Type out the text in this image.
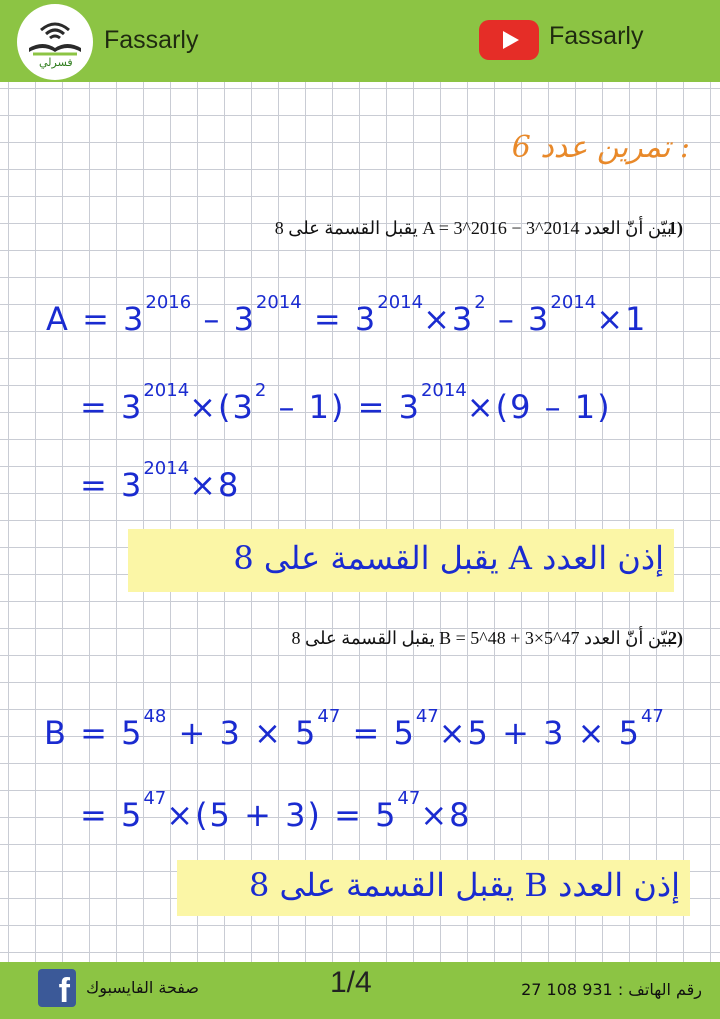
فسرلي
Fassarly	Fassarly
تمرين عدد 6 :
بيّن أنّ العدد A = 3^2016 − 3^2014 يقبل القسمة على 8
1)
$A = 3^{2016} - 3^{2014} = 3^{2014}\times 3^2 - 3^{2014}\times 1$
= $3^{2014}\times(3^2 - 1) = 3^{2014}\times(9 - 1)$
= $3^{2014}\times 8$
إذن العدد A يقبل القسمة على 8
بيّن أنّ العدد B = 5^48 + 3×5^47 يقبل القسمة على 8
2)
$B = 5^{48} + 3 \times 5^{47} = 5^{47}\times 5 + 3 \times 5^{47}$
= $5^{47}\times(5 + 3) = 5^{47}\times 8$
إذن العدد B يقبل القسمة على 8
f	صفحة الفايسبوك	1/4	رقم الهاتف : 931 108 27
